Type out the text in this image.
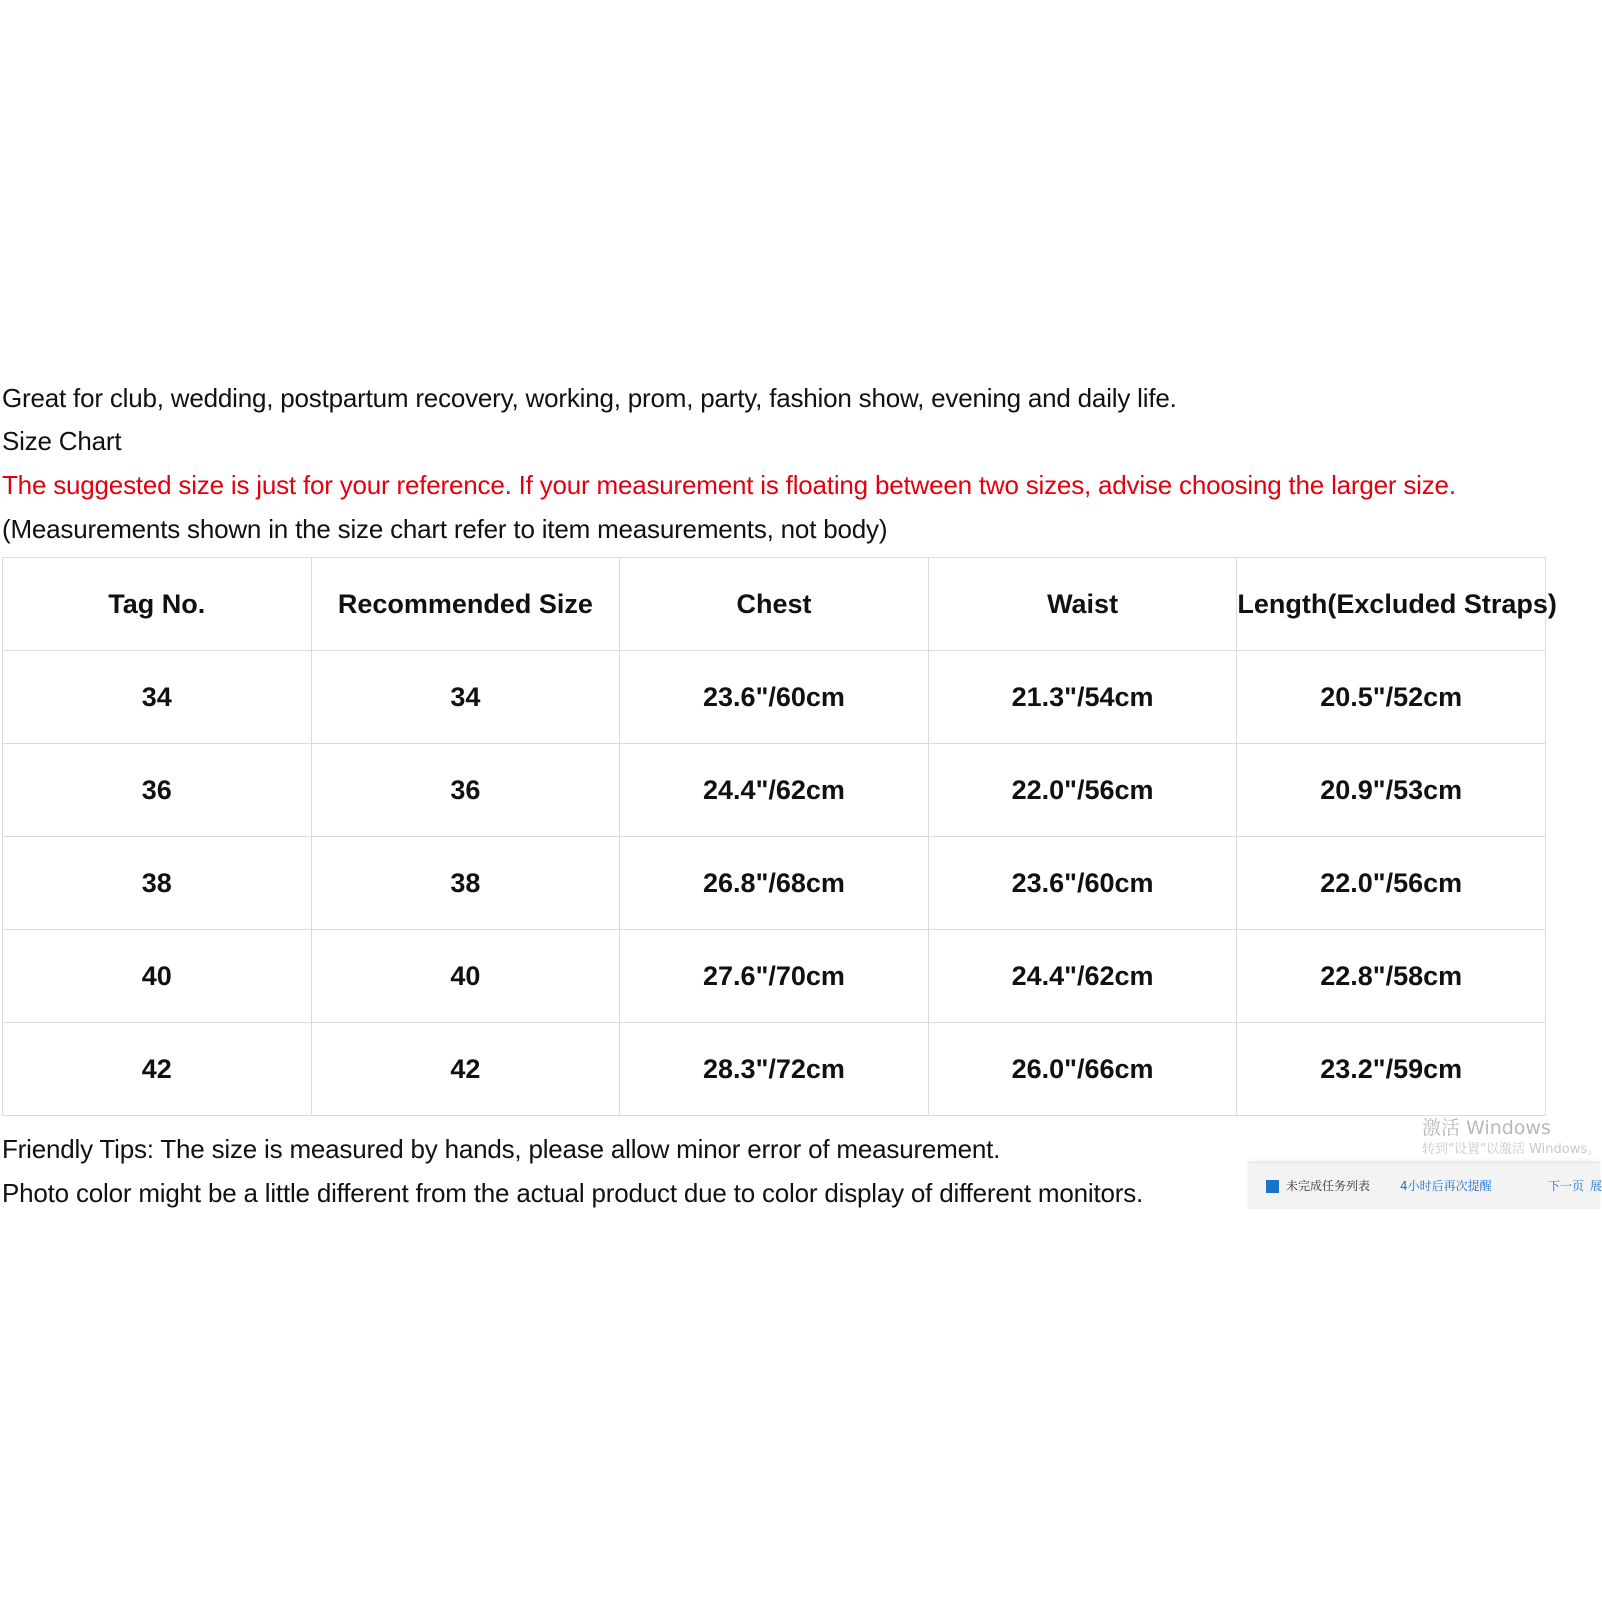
Great for club, wedding, postpartum recovery, working, prom, party, fashion show, evening and daily life.
Size Chart
The suggested size is just for your reference. If your measurement is floating between two sizes, advise choosing the larger size.
(Measurements shown in the size chart refer to item measurements, not body)
Tag No.	Recommended Size	Chest	Waist	Length(Excluded Straps)
34	34	23.6"/60cm	21.3"/54cm	20.5"/52cm
36	36	24.4"/62cm	22.0"/56cm	20.9"/53cm
38	38	26.8"/68cm	23.6"/60cm	22.0"/56cm
40	40	27.6"/70cm	24.4"/62cm	22.8"/58cm
42	42	28.3"/72cm	26.0"/66cm	23.2"/59cm
Friendly Tips: The size is measured by hands, please allow minor error of measurement.
Photo color might be a little different from the actual product due to color display of different monitors.
激活 Windows
转到"设置"以激活 Windows。
未完成任务列表 4小时后再次提醒	下一页 展
